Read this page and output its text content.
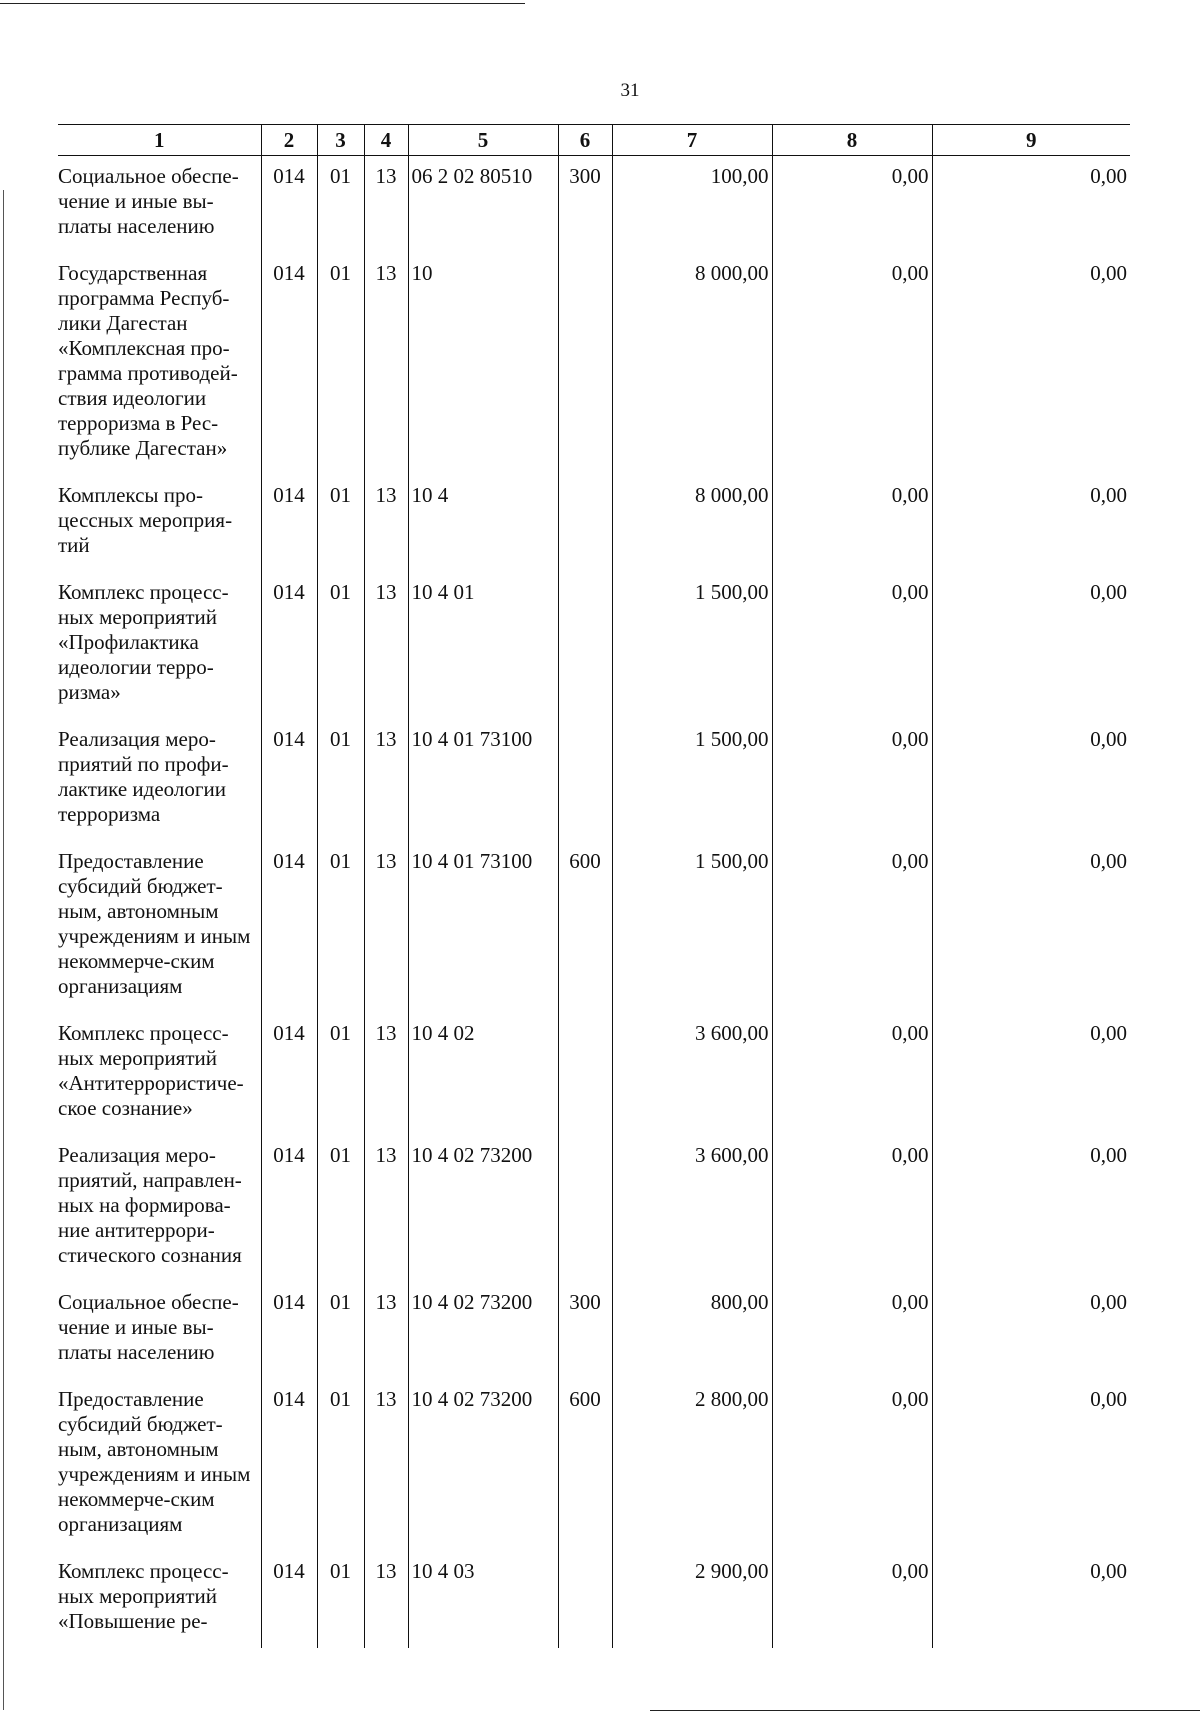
31
1	2	3	4	5	6	7	8	9
Социальное обеспе-чение и иные вы-платы населению	014	01	13	06 2 02 80510	300	100,00	0,00	0,00
Государственная программа Респуб-лики Дагестан «Комплексная про-грамма противодей-ствия идеологии терроризма в Рес-публике Дагестан»	014	01	13	10		8 000,00	0,00	0,00
Комплексы про-цессных мероприя-тий	014	01	13	10 4		8 000,00	0,00	0,00
Комплекс процесс-ных мероприятий «Профилактика идеологии терро-ризма»	014	01	13	10 4 01		1 500,00	0,00	0,00
Реализация меро-приятий по профи-лактике идеологии терроризма	014	01	13	10 4 01 73100		1 500,00	0,00	0,00
Предоставление субсидий бюджет-ным, автономным учреждениям и иным некоммерче-ским организациям	014	01	13	10 4 01 73100	600	1 500,00	0,00	0,00
Комплекс процесс-ных мероприятий «Антитеррористиче-ское сознание»	014	01	13	10 4 02		3 600,00	0,00	0,00
Реализация меро-приятий, направлен-ных на формирова-ние антитеррори-стического сознания	014	01	13	10 4 02 73200		3 600,00	0,00	0,00
Социальное обеспе-чение и иные вы-платы населению	014	01	13	10 4 02 73200	300	800,00	0,00	0,00
Предоставление субсидий бюджет-ным, автономным учреждениям и иным некоммерче-ским организациям	014	01	13	10 4 02 73200	600	2 800,00	0,00	0,00
Комплекс процесс-ных мероприятий «Повышение ре-	014	01	13	10 4 03		2 900,00	0,00	0,00
